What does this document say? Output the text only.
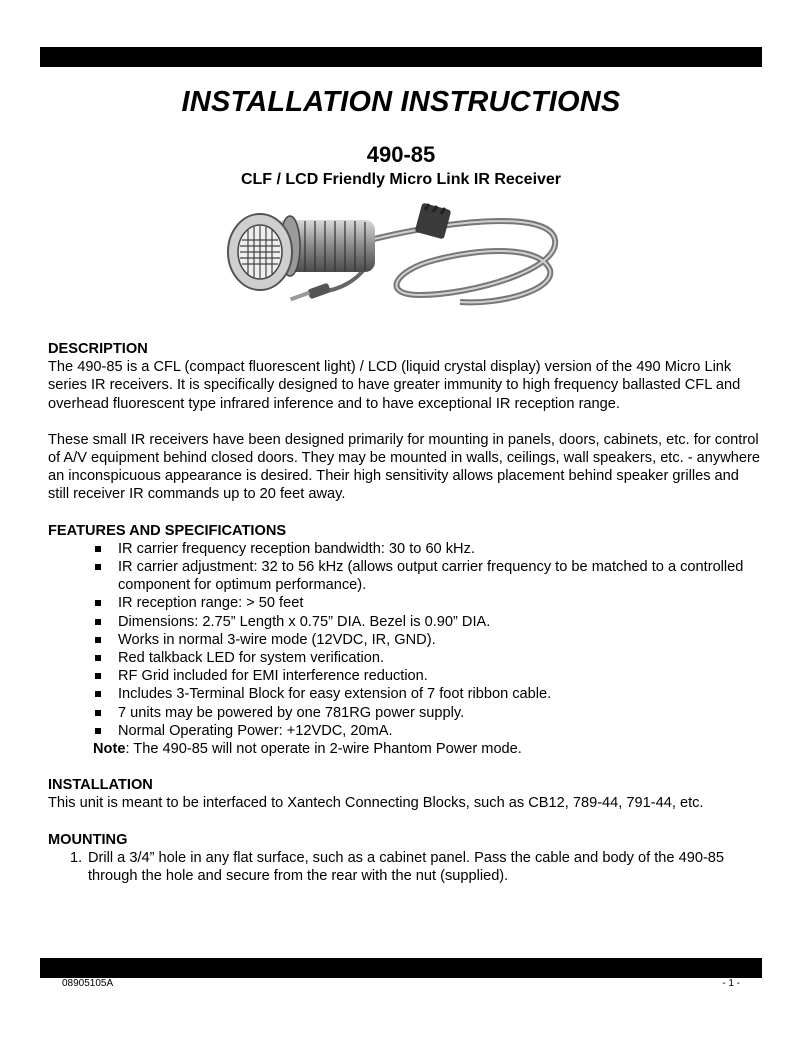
INSTALLATION INSTRUCTIONS
490-85
CLF / LCD Friendly Micro Link IR Receiver

DESCRIPTION

The 490-85 is a CFL (compact fluorescent light) / LCD (liquid crystal display) version of the 490 Micro Link series IR receivers. It is specifically designed to have greater immunity to high frequency ballasted CFL and overhead fluorescent type infrared inference and to have exceptional IR reception range.

These small IR receivers have been designed primarily for mounting in panels, doors, cabinets, etc. for control of A/V equipment behind closed doors. They may be mounted in walls, ceilings, wall speakers, etc. - anywhere an inconspicuous appearance is desired. Their high sensitivity allows placement behind speaker grilles and still receiver IR commands up to 20 feet away.

FEATURES AND SPECIFICATIONS

IR carrier frequency reception bandwidth: 30 to 60 kHz.
IR carrier adjustment: 32 to 56 kHz (allows output carrier frequency to be matched to a controlled component for optimum performance).
IR reception range: > 50 feet
Dimensions: 2.75” Length x 0.75” DIA. Bezel is 0.90” DIA.
Works in normal 3-wire mode (12VDC, IR, GND).
Red talkback LED for system verification.
RF Grid included for EMI interference reduction.
Includes 3-Terminal Block for easy extension of 7 foot ribbon cable.
7 units may be powered by one 781RG power supply.
Normal Operating Power: +12VDC, 20mA.

Note: The 490-85 will not operate in 2-wire Phantom Power mode.

INSTALLATION

This unit is meant to be interfaced to Xantech Connecting Blocks, such as CB12, 789-44, 791-44, etc.

MOUNTING

1. Drill a 3/4” hole in any flat surface, such as a cabinet panel. Pass the cable and body of the 490-85 through the hole and secure from the rear with the nut (supplied).
08905105A	- 1 -
